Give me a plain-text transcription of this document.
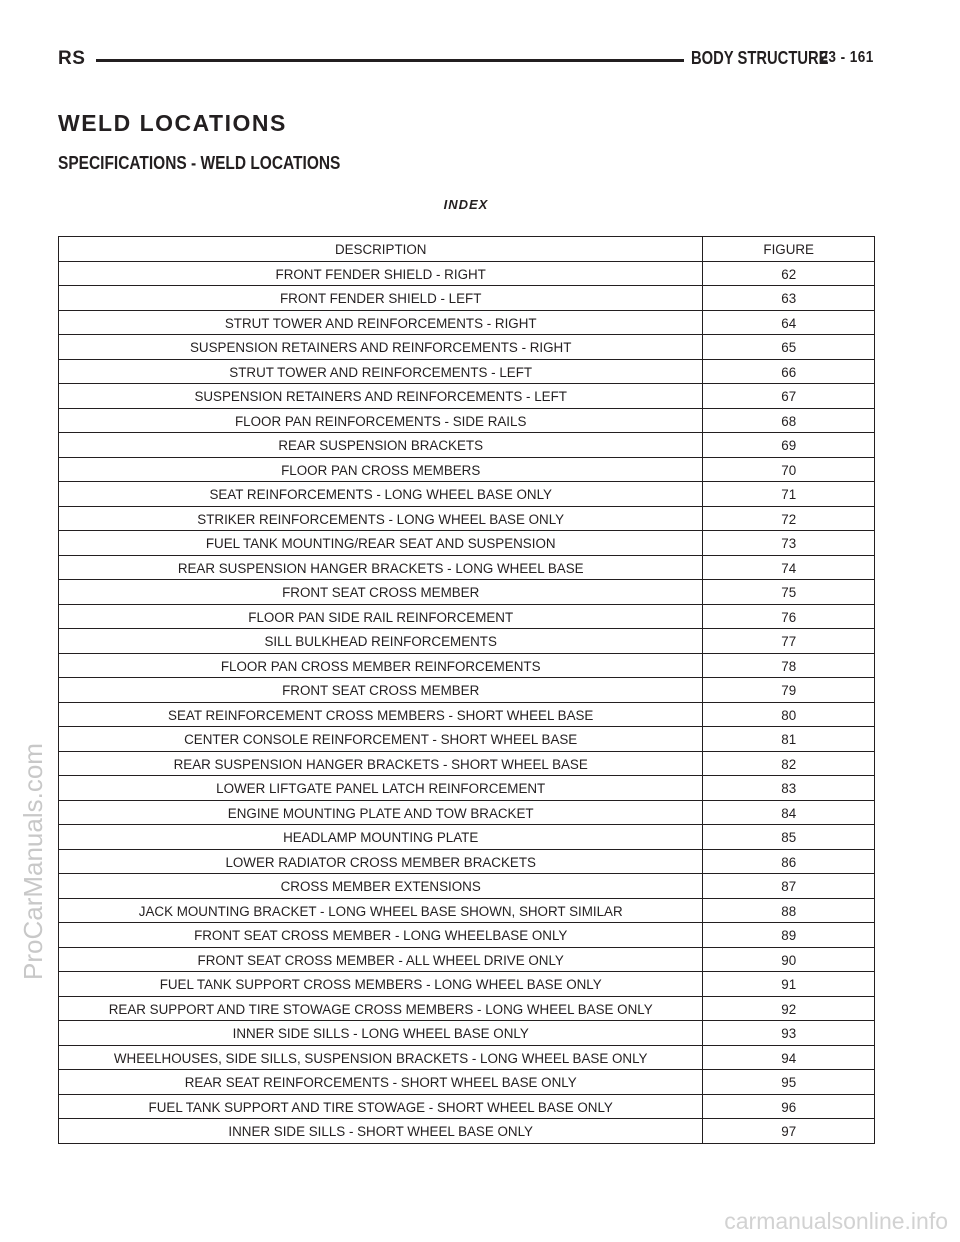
RS	BODY STRUCTURE
23 - 161
WELD LOCATIONS
SPECIFICATIONS - WELD LOCATIONS
INDEX
DESCRIPTION	FIGURE
FRONT FENDER SHIELD - RIGHT	62
FRONT FENDER SHIELD - LEFT	63
STRUT TOWER AND REINFORCEMENTS - RIGHT	64
SUSPENSION RETAINERS AND REINFORCEMENTS - RIGHT	65
STRUT TOWER AND REINFORCEMENTS - LEFT	66
SUSPENSION RETAINERS AND REINFORCEMENTS - LEFT	67
FLOOR PAN REINFORCEMENTS - SIDE RAILS	68
REAR SUSPENSION BRACKETS	69
FLOOR PAN CROSS MEMBERS	70
SEAT REINFORCEMENTS - LONG WHEEL BASE ONLY	71
STRIKER REINFORCEMENTS - LONG WHEEL BASE ONLY	72
FUEL TANK MOUNTING/REAR SEAT AND SUSPENSION	73
REAR SUSPENSION HANGER BRACKETS - LONG WHEEL BASE	74
FRONT SEAT CROSS MEMBER	75
FLOOR PAN SIDE RAIL REINFORCEMENT	76
SILL BULKHEAD REINFORCEMENTS	77
FLOOR PAN CROSS MEMBER REINFORCEMENTS	78
FRONT SEAT CROSS MEMBER	79
SEAT REINFORCEMENT CROSS MEMBERS - SHORT WHEEL BASE	80
CENTER CONSOLE REINFORCEMENT - SHORT WHEEL BASE	81
REAR SUSPENSION HANGER BRACKETS - SHORT WHEEL BASE	82
LOWER LIFTGATE PANEL LATCH REINFORCEMENT	83
ENGINE MOUNTING PLATE AND TOW BRACKET	84
HEADLAMP MOUNTING PLATE	85
LOWER RADIATOR CROSS MEMBER BRACKETS	86
CROSS MEMBER EXTENSIONS	87
JACK MOUNTING BRACKET - LONG WHEEL BASE SHOWN, SHORT SIMILAR	88
FRONT SEAT CROSS MEMBER - LONG WHEELBASE ONLY	89
FRONT SEAT CROSS MEMBER - ALL WHEEL DRIVE ONLY	90
FUEL TANK SUPPORT CROSS MEMBERS - LONG WHEEL BASE ONLY	91
REAR SUPPORT AND TIRE STOWAGE CROSS MEMBERS - LONG WHEEL BASE ONLY	92
INNER SIDE SILLS - LONG WHEEL BASE ONLY	93
WHEELHOUSES, SIDE SILLS, SUSPENSION BRACKETS - LONG WHEEL BASE ONLY	94
REAR SEAT REINFORCEMENTS - SHORT WHEEL BASE ONLY	95
FUEL TANK SUPPORT AND TIRE STOWAGE - SHORT WHEEL BASE ONLY	96
INNER SIDE SILLS - SHORT WHEEL BASE ONLY	97
ProCarManuals.com
carmanualsonline.info
